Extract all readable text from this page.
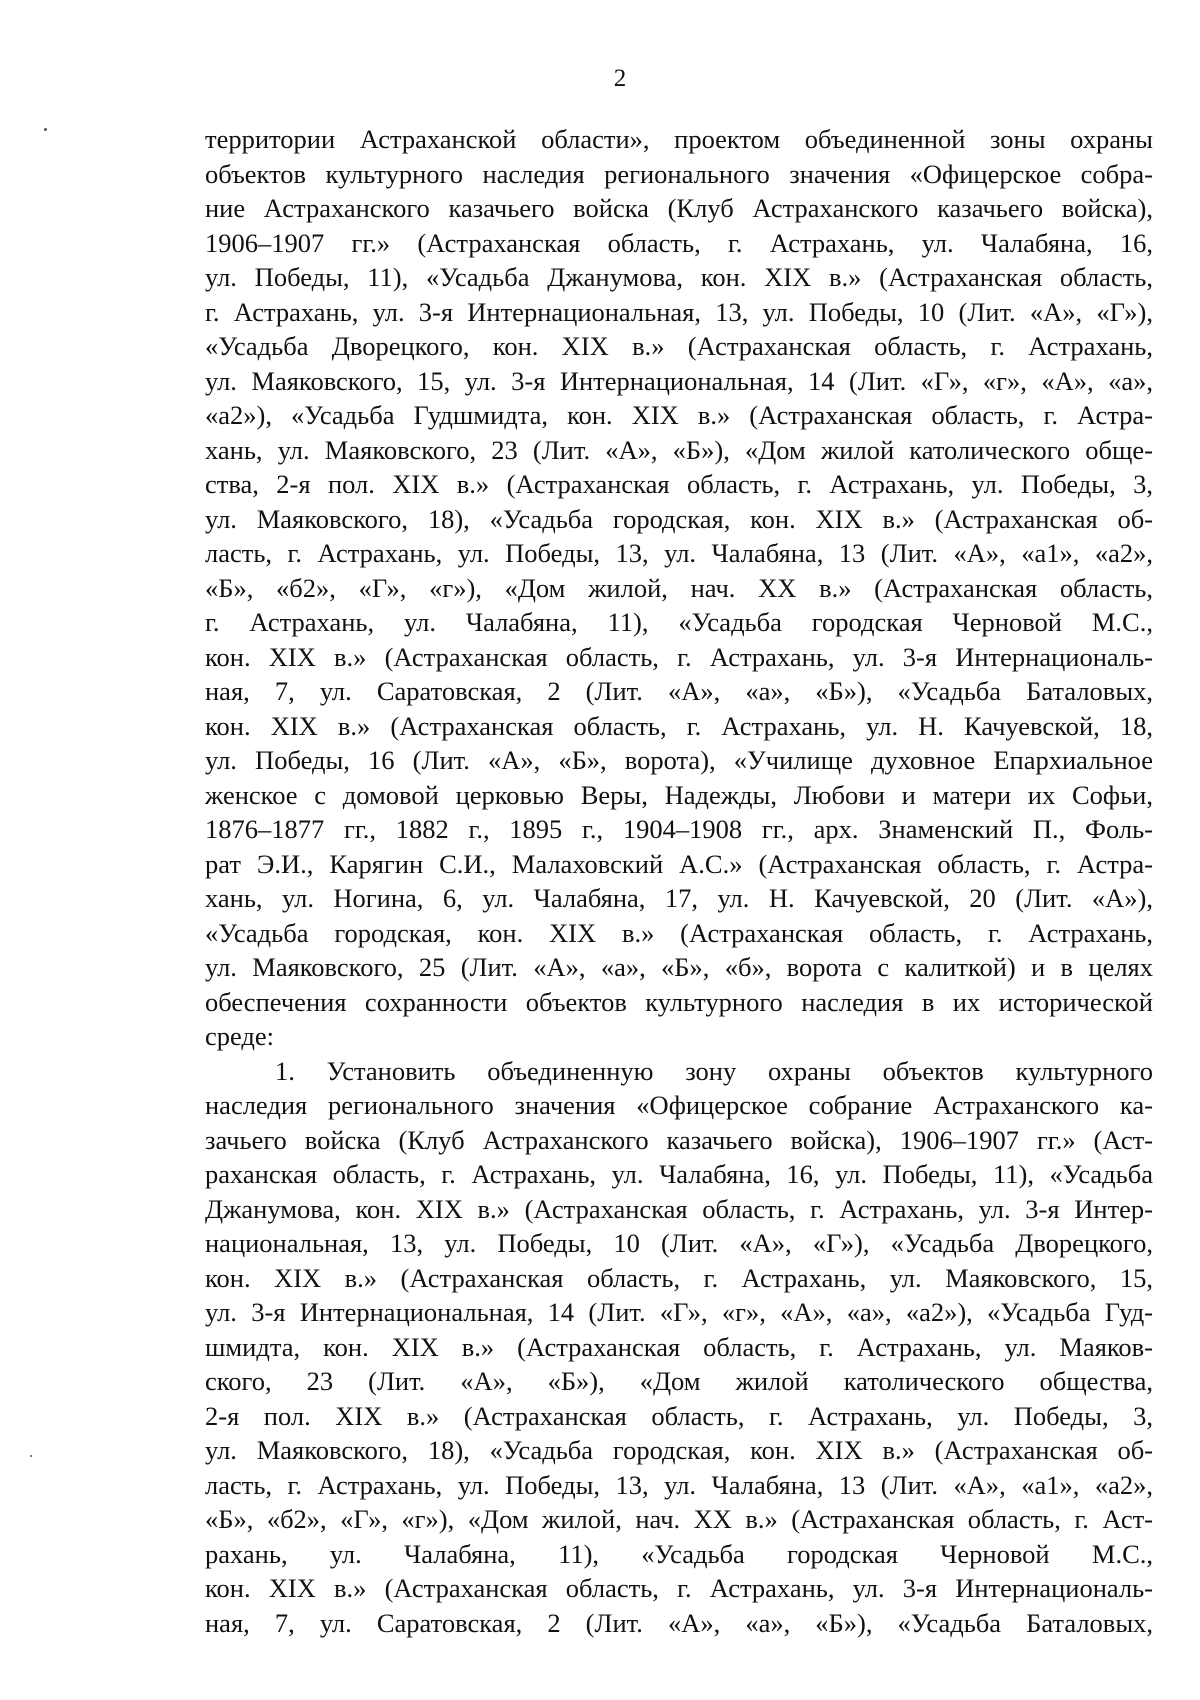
2
территории Астраханской области», проектом объединенной зоны охраны
объектов культурного наследия регионального значения «Офицерское собра-
ние Астраханского казачьего войска (Клуб Астраханского казачьего войска),
1906–1907 гг.» (Астраханская область, г. Астрахань, ул. Чалабяна, 16,
ул. Победы, 11), «Усадьба Джанумова, кон. XIX в.» (Астраханская область,
г. Астрахань, ул. 3-я Интернациональная, 13, ул. Победы, 10 (Лит. «А», «Г»),
«Усадьба Дворецкого, кон. XIX в.» (Астраханская область, г. Астрахань,
ул. Маяковского, 15, ул. 3-я Интернациональная, 14 (Лит. «Г», «г», «А», «а»,
«а2»), «Усадьба Гудшмидта, кон. XIX в.» (Астраханская область, г. Астра-
хань, ул. Маяковского, 23 (Лит. «А», «Б»), «Дом жилой католического обще-
ства, 2-я пол. XIX в.» (Астраханская область, г. Астрахань, ул. Победы, 3,
ул. Маяковского, 18), «Усадьба городская, кон. XIX в.» (Астраханская об-
ласть, г. Астрахань, ул. Победы, 13, ул. Чалабяна, 13 (Лит. «А», «а1», «а2»,
«Б», «б2», «Г», «г»), «Дом жилой, нач. XX в.» (Астраханская область,
г. Астрахань, ул. Чалабяна, 11), «Усадьба городская Черновой М.С.,
кон. XIX в.» (Астраханская область, г. Астрахань, ул. 3-я Интернациональ-
ная, 7, ул. Саратовская, 2 (Лит. «А», «а», «Б»), «Усадьба Баталовых,
кон. XIX в.» (Астраханская область, г. Астрахань, ул. Н. Качуевской, 18,
ул. Победы, 16 (Лит. «А», «Б», ворота), «Училище духовное Епархиальное
женское с домовой церковью Веры, Надежды, Любови и матери их Софьи,
1876–1877 гг., 1882 г., 1895 г., 1904–1908 гг., арх. Знаменский П., Фоль-
рат Э.И., Карягин С.И., Малаховский А.С.» (Астраханская область, г. Астра-
хань, ул. Ногина, 6, ул. Чалабяна, 17, ул. Н. Качуевской, 20 (Лит. «А»),
«Усадьба городская, кон. XIX в.» (Астраханская область, г. Астрахань,
ул. Маяковского, 25 (Лит. «А», «а», «Б», «б», ворота с калиткой) и в целях
обеспечения сохранности объектов культурного наследия в их исторической
среде:
1. Установить объединенную зону охраны объектов культурного
наследия регионального значения «Офицерское собрание Астраханского ка-
зачьего войска (Клуб Астраханского казачьего войска), 1906–1907 гг.» (Аст-
раханская область, г. Астрахань, ул. Чалабяна, 16, ул. Победы, 11), «Усадьба
Джанумова, кон. XIX в.» (Астраханская область, г. Астрахань, ул. 3-я Интер-
национальная, 13, ул. Победы, 10 (Лит. «А», «Г»), «Усадьба Дворецкого,
кон. XIX в.» (Астраханская область, г. Астрахань, ул. Маяковского, 15,
ул. 3-я Интернациональная, 14 (Лит. «Г», «г», «А», «а», «а2»), «Усадьба Гуд-
шмидта, кон. XIX в.» (Астраханская область, г. Астрахань, ул. Маяков-
ского, 23 (Лит. «А», «Б»), «Дом жилой католического общества,
2-я пол. XIX в.» (Астраханская область, г. Астрахань, ул. Победы, 3,
ул. Маяковского, 18), «Усадьба городская, кон. XIX в.» (Астраханская об-
ласть, г. Астрахань, ул. Победы, 13, ул. Чалабяна, 13 (Лит. «А», «а1», «а2»,
«Б», «б2», «Г», «г»), «Дом жилой, нач. XX в.» (Астраханская область, г. Аст-
рахань, ул. Чалабяна, 11), «Усадьба городская Черновой М.С.,
кон. XIX в.» (Астраханская область, г. Астрахань, ул. 3-я Интернациональ-
ная, 7, ул. Саратовская, 2 (Лит. «А», «а», «Б»), «Усадьба Баталовых,
